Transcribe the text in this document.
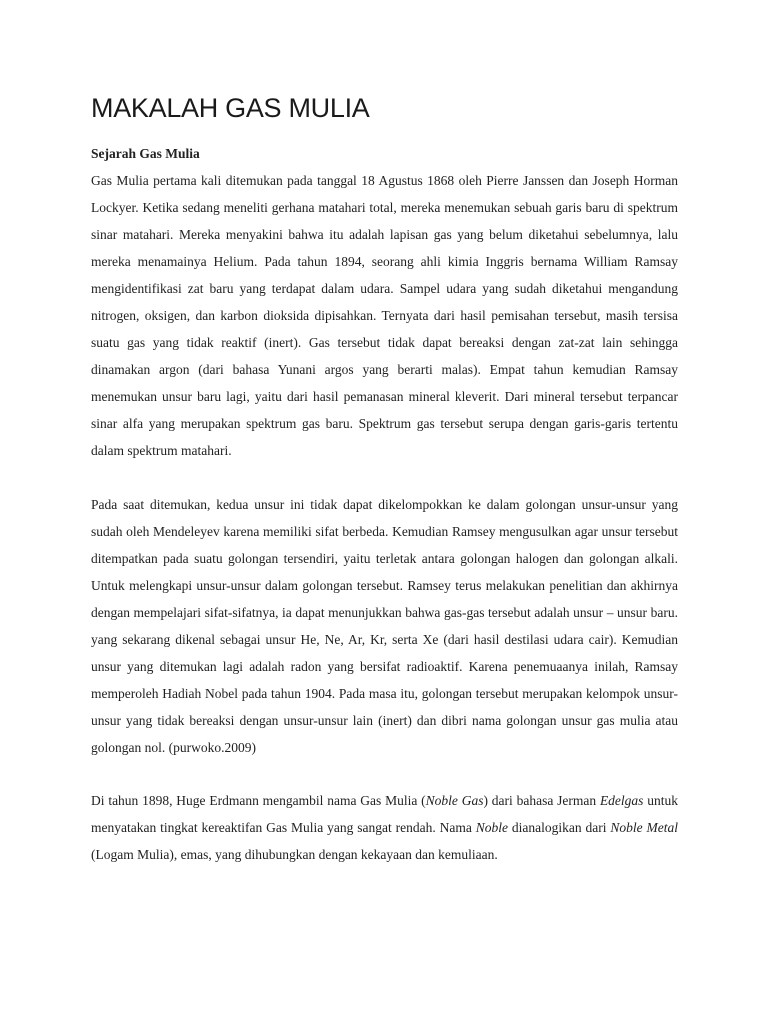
MAKALAH GAS MULIA

Sejarah Gas Mulia

Gas Mulia pertama kali ditemukan pada tanggal 18 Agustus 1868 oleh Pierre Janssen dan Joseph Horman Lockyer. Ketika sedang meneliti gerhana matahari total, mereka menemukan sebuah garis baru di spektrum sinar matahari. Mereka menyakini bahwa itu adalah lapisan gas yang belum diketahui sebelumnya, lalu mereka menamainya Helium. Pada tahun 1894, seorang ahli kimia Inggris bernama William Ramsay mengidentifikasi zat baru yang terdapat dalam udara. Sampel udara yang sudah diketahui mengandung nitrogen, oksigen, dan karbon dioksida dipisahkan. Ternyata dari hasil pemisahan tersebut, masih tersisa suatu gas yang tidak reaktif (inert). Gas tersebut tidak dapat bereaksi dengan zat-zat lain sehingga dinamakan argon (dari bahasa Yunani argos yang berarti malas). Empat tahun kemudian Ramsay menemukan unsur baru lagi, yaitu dari hasil pemanasan mineral kleverit. Dari mineral tersebut terpancar sinar alfa yang merupakan spektrum gas baru. Spektrum gas tersebut serupa dengan garis-garis tertentu dalam spektrum matahari.

Pada saat ditemukan, kedua unsur ini tidak dapat dikelompokkan ke dalam golongan unsur-unsur yang sudah oleh Mendeleyev karena memiliki sifat berbeda. Kemudian Ramsey mengusulkan agar unsur tersebut ditempatkan pada suatu golongan tersendiri, yaitu terletak antara golongan halogen dan golongan alkali. Untuk melengkapi unsur-unsur dalam golongan tersebut. Ramsey terus melakukan penelitian dan akhirnya dengan mempelajari sifat-sifatnya, ia dapat menunjukkan bahwa gas-gas tersebut adalah unsur – unsur baru. yang sekarang dikenal sebagai unsur He, Ne, Ar, Kr, serta Xe (dari hasil destilasi udara cair). Kemudian unsur yang ditemukan lagi adalah radon yang bersifat radioaktif. Karena penemuaanya inilah, Ramsay memperoleh Hadiah Nobel pada tahun 1904. Pada masa itu, golongan tersebut merupakan kelompok unsur-unsur yang tidak bereaksi dengan unsur-unsur lain (inert) dan dibri nama golongan unsur gas mulia atau golongan nol. (purwoko.2009)

Di tahun 1898, Huge Erdmann mengambil nama Gas Mulia (Noble Gas) dari bahasa Jerman Edelgas untuk menyatakan tingkat kereaktifan Gas Mulia yang sangat rendah. Nama Noble dianalogikan dari Noble Metal (Logam Mulia), emas, yang dihubungkan dengan kekayaan dan kemuliaan.
